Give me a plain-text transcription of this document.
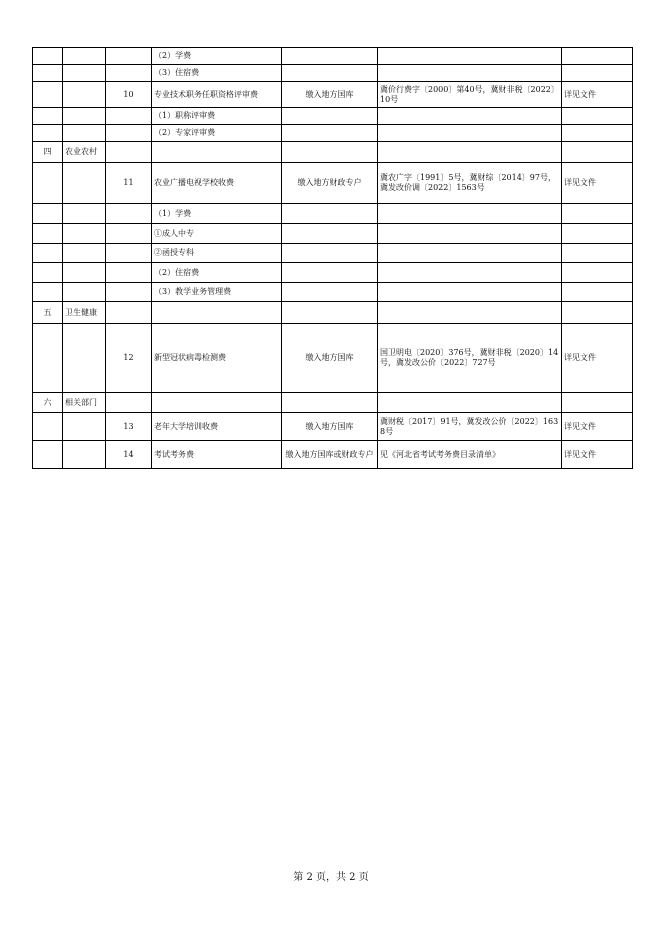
			（2）学费			
			（3）住宿费			
		10	专业技术职务任职资格评审费	缴入地方国库	冀价行费字〔2000〕第40号，冀财非税〔2022〕10号	详见文件
			（1）职称评审费			
			（2）专家评审费			
四	农业农村					
		11	农业广播电视学校收费	缴入地方财政专户	冀农广字〔1991〕5号，冀财综〔2014〕97号，冀发改价调〔2022〕1563号	详见文件
			（1）学费			
			①成人中专			
			②函授专科			
			（2）住宿费			
			（3）教学业务管理费			
五	卫生健康					
		12	新型冠状病毒检测费	缴入地方国库	国卫明电〔2020〕376号，冀财非税〔2020〕14号，冀发改公价〔2022〕727号	详见文件
六	相关部门					
		13	老年大学培训收费	缴入地方国库	冀财税〔2017〕91号，冀发改公价〔2022〕1638号	详见文件
		14	考试考务费	缴入地方国库或财政专户	见《河北省考试考务费目录清单》	详见文件
第 2 页，共 2 页
